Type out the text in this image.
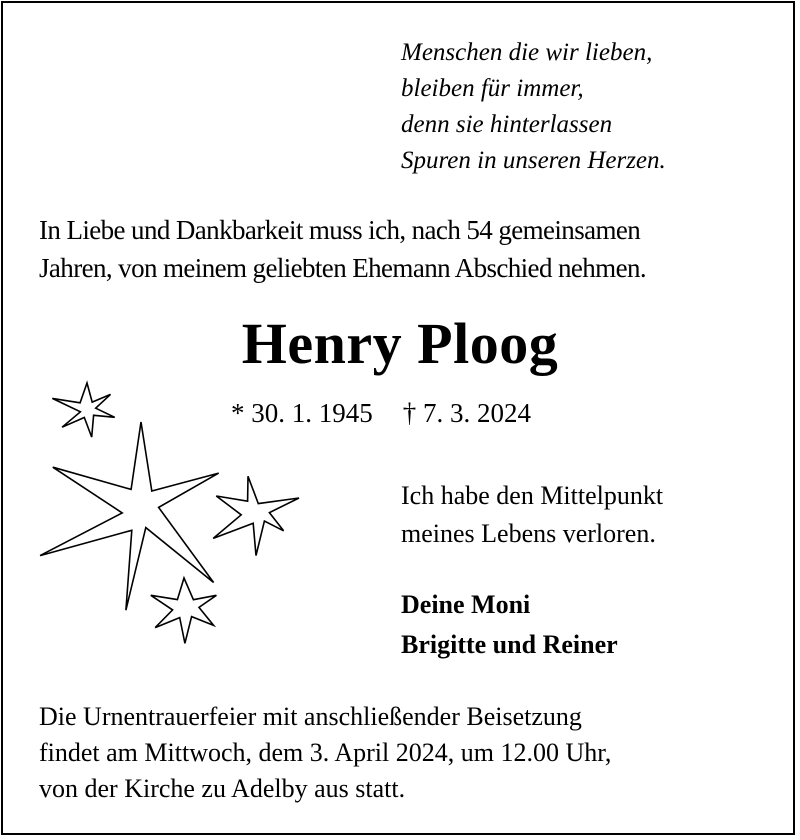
Menschen die wir lieben,
bleiben für immer,
denn sie hinterlassen
Spuren in unseren Herzen.
In Liebe und Dankbarkeit muss ich, nach 54 gemeinsamen
Jahren, von meinem geliebten Ehemann Abschied nehmen.
Henry Ploog
* 30. 1. 1945 † 7. 3. 2024
Ich habe den Mittelpunkt
meines Lebens verloren.
Deine Moni
Brigitte und Reiner
Die Urnentrauerfeier mit anschließender Beisetzung
findet am Mittwoch, dem 3. April 2024, um 12.00 Uhr,
von der Kirche zu Adelby aus statt.
